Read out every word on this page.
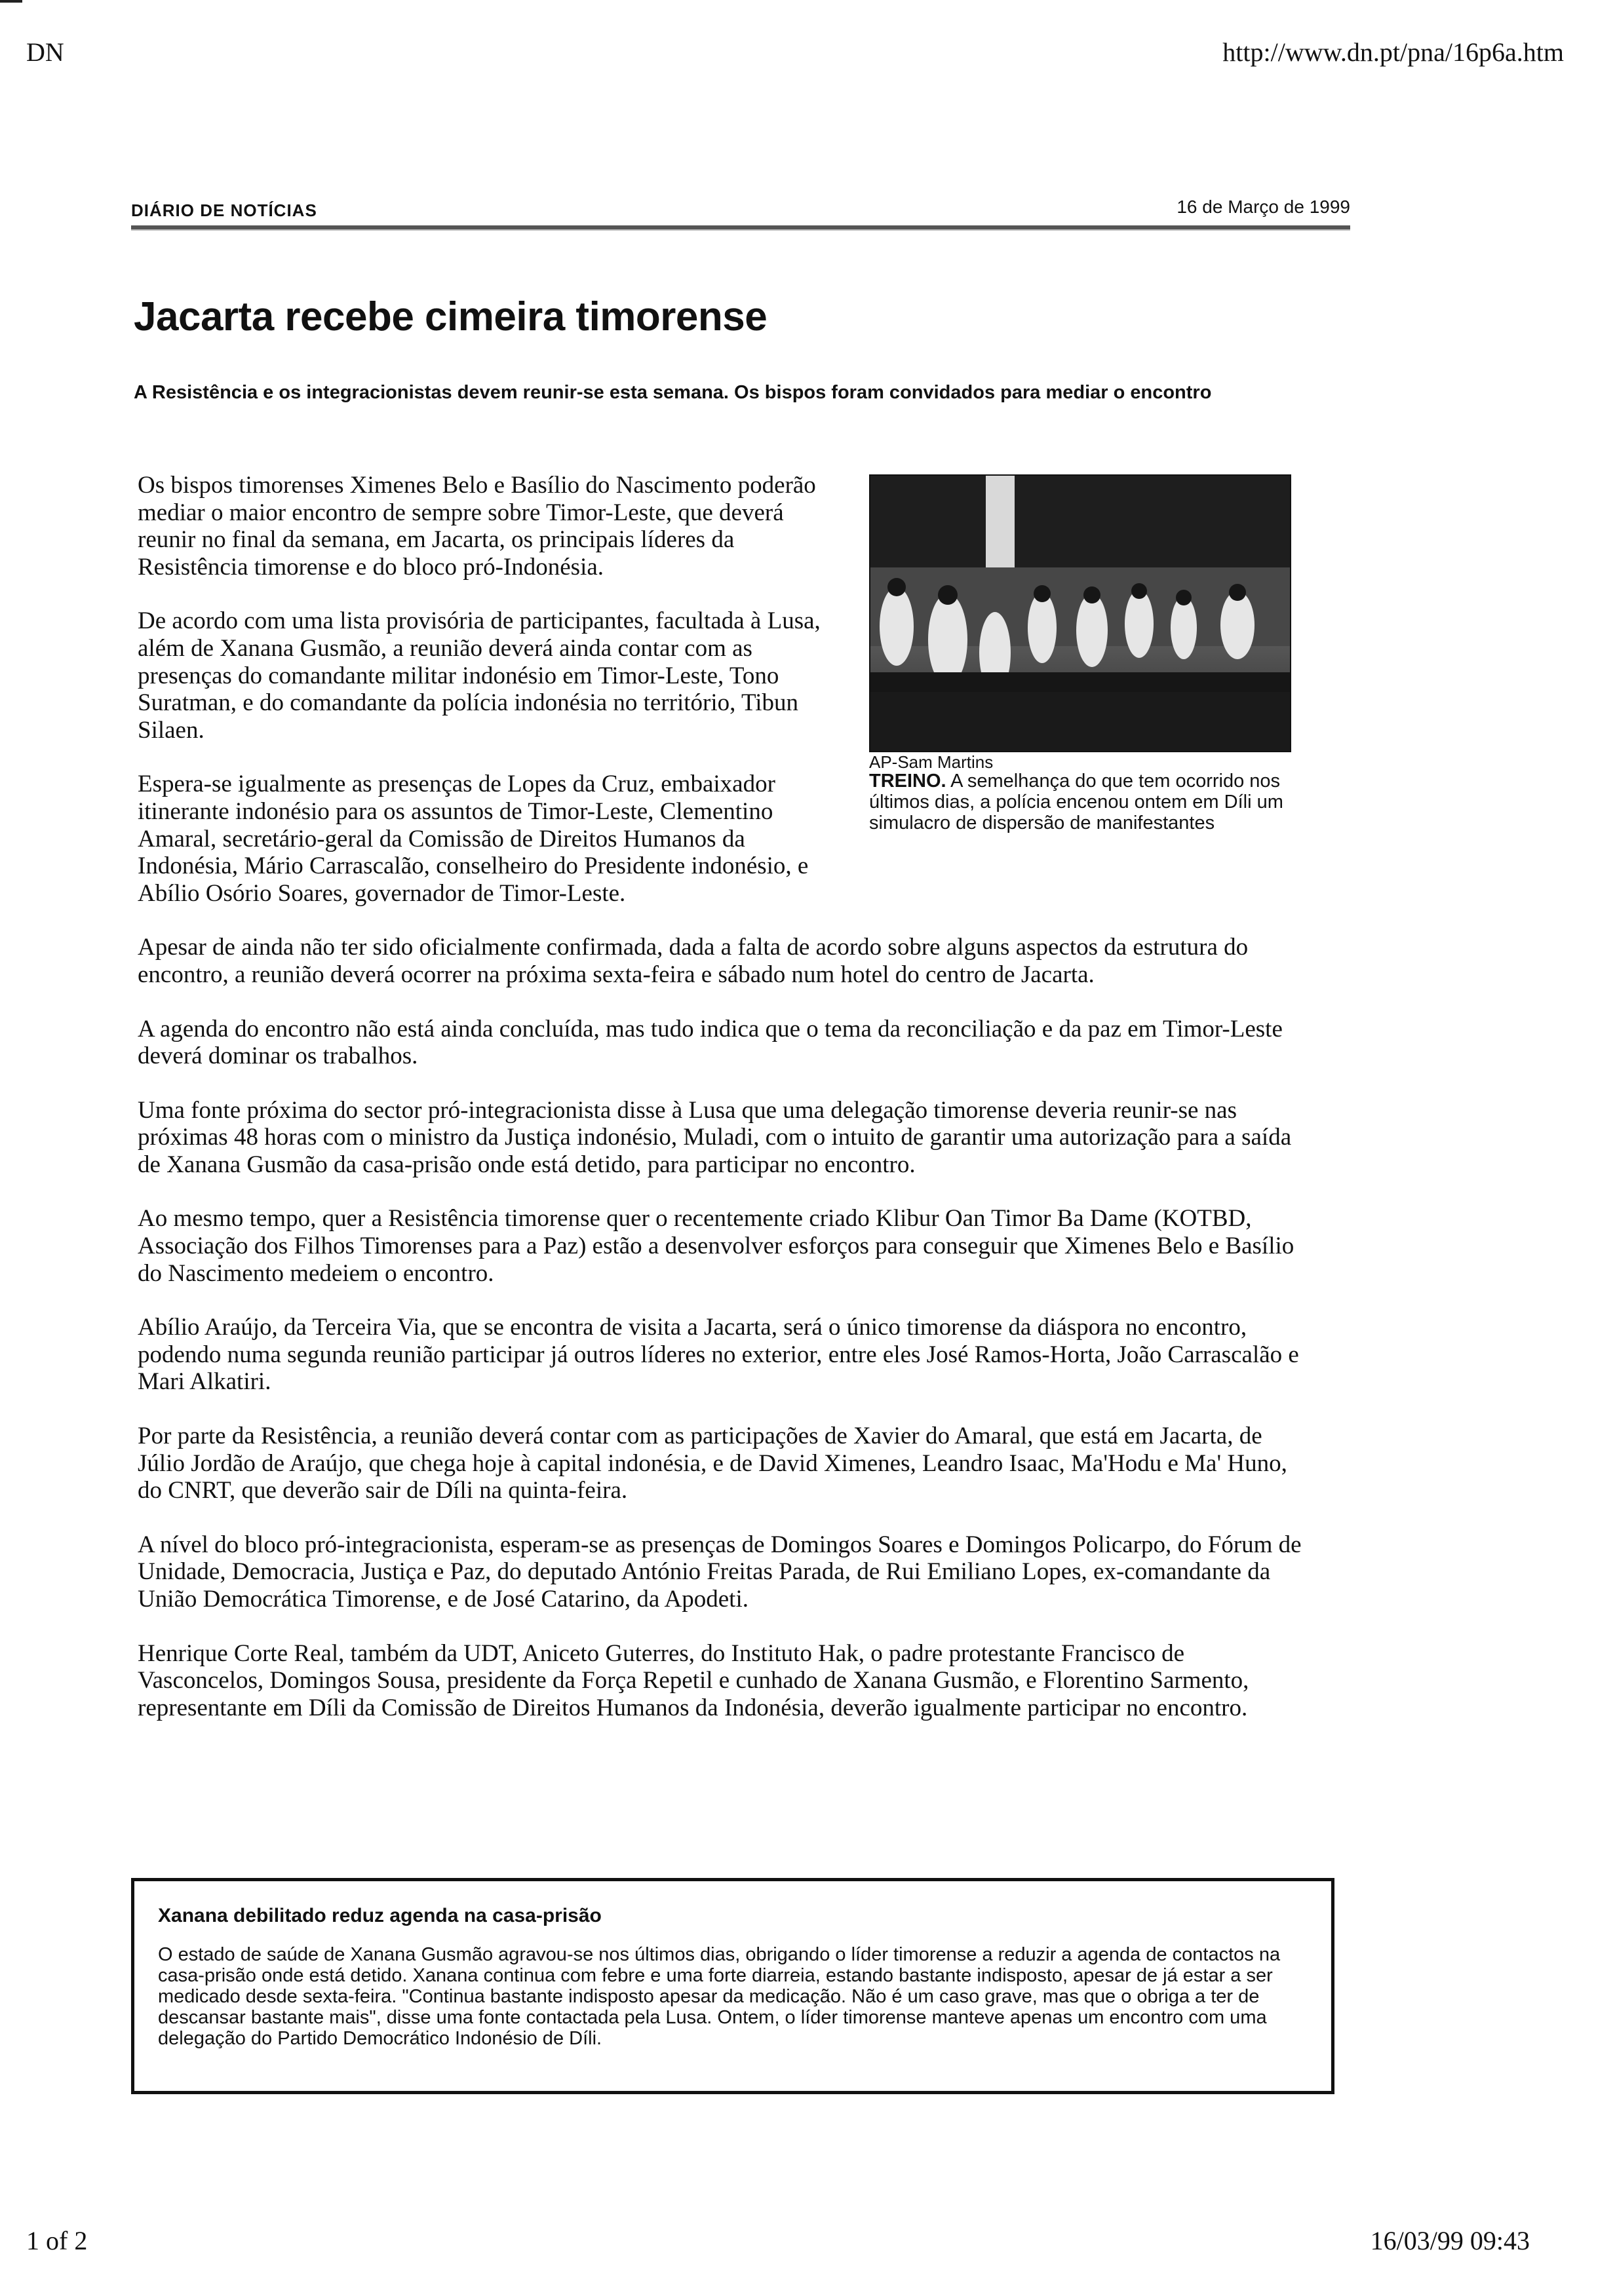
DN	http://www.dn.pt/pna/16p6a.htm
DIÁRIO DE NOTÍCIAS	16 de Março de 1999
Jacarta recebe cimeira timorense

A Resistência e os integracionistas devem reunir-se esta semana. Os bispos foram convidados para mediar o encontro

AP-Sam Martins

TREINO. A semelhança do que tem ocorrido nos últimos dias, a polícia encenou ontem em Díli um simulacro de dispersão de manifestantes

Os bispos timorenses Ximenes Belo e Basílio do Nascimento poderão mediar o maior encontro de sempre sobre Timor-Leste, que deverá reunir no final da semana, em Jacarta, os principais líderes da Resistência timorense e do bloco pró-Indonésia.

De acordo com uma lista provisória de participantes, facultada à Lusa, além de Xanana Gusmão, a reunião deverá ainda contar com as presenças do comandante militar indonésio em Timor-Leste, Tono Suratman, e do comandante da polícia indonésia no território, Tibun Silaen.

Espera-se igualmente as presenças de Lopes da Cruz, embaixador itinerante indonésio para os assuntos de Timor-Leste, Clementino Amaral, secretário-geral da Comissão de Direitos Humanos da Indonésia, Mário Carrascalão, conselheiro do Presidente indonésio, e Abílio Osório Soares, governador de Timor-Leste.

Apesar de ainda não ter sido oficialmente confirmada, dada a falta de acordo sobre alguns aspectos da estrutura do encontro, a reunião deverá ocorrer na próxima sexta-feira e sábado num hotel do centro de Jacarta.

A agenda do encontro não está ainda concluída, mas tudo indica que o tema da reconciliação e da paz em Timor-Leste deverá dominar os trabalhos.

Uma fonte próxima do sector pró-integracionista disse à Lusa que uma delegação timorense deveria reunir-se nas próximas 48 horas com o ministro da Justiça indonésio, Muladi, com o intuito de garantir uma autorização para a saída de Xanana Gusmão da casa-prisão onde está detido, para participar no encontro.

Ao mesmo tempo, quer a Resistência timorense quer o recentemente criado Klibur Oan Timor Ba Dame (KOTBD, Associação dos Filhos Timorenses para a Paz) estão a desenvolver esforços para conseguir que Ximenes Belo e Basílio do Nascimento medeiem o encontro.

Abílio Araújo, da Terceira Via, que se encontra de visita a Jacarta, será o único timorense da diáspora no encontro, podendo numa segunda reunião participar já outros líderes no exterior, entre eles José Ramos-Horta, João Carrascalão e Mari Alkatiri.

Por parte da Resistência, a reunião deverá contar com as participações de Xavier do Amaral, que está em Jacarta, de Júlio Jordão de Araújo, que chega hoje à capital indonésia, e de David Ximenes, Leandro Isaac, Ma'Hodu e Ma' Huno, do CNRT, que deverão sair de Díli na quinta-feira.

A nível do bloco pró-integracionista, esperam-se as presenças de Domingos Soares e Domingos Policarpo, do Fórum de Unidade, Democracia, Justiça e Paz, do deputado António Freitas Parada, de Rui Emiliano Lopes, ex-comandante da União Democrática Timorense, e de José Catarino, da Apodeti.

Henrique Corte Real, também da UDT, Aniceto Guterres, do Instituto Hak, o padre protestante Francisco de Vasconcelos, Domingos Sousa, presidente da Força Repetil e cunhado de Xanana Gusmão, e Florentino Sarmento, representante em Díli da Comissão de Direitos Humanos da Indonésia, deverão igualmente participar no encontro.

Xanana debilitado reduz agenda na casa-prisão

O estado de saúde de Xanana Gusmão agravou-se nos últimos dias, obrigando o líder timorense a reduzir a agenda de contactos na casa-prisão onde está detido. Xanana continua com febre e uma forte diarreia, estando bastante indisposto, apesar de já estar a ser medicado desde sexta-feira. "Continua bastante indisposto apesar da medicação. Não é um caso grave, mas que o obriga a ter de descansar bastante mais", disse uma fonte contactada pela Lusa. Ontem, o líder timorense manteve apenas um encontro com uma delegação do Partido Democrático Indonésio de Díli.

1 of 2	16/03/99 09:43
